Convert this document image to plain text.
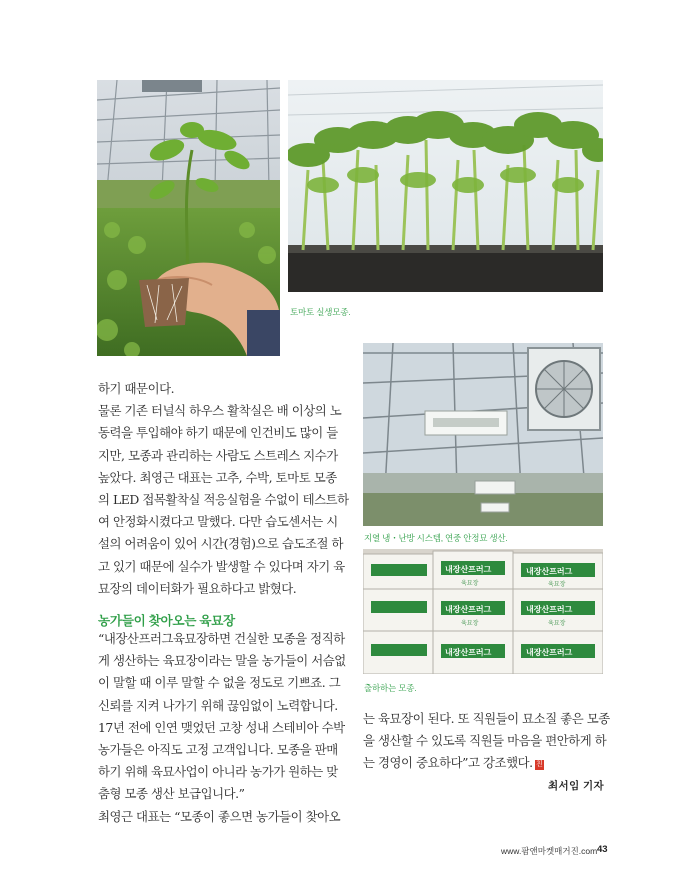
토마토 실생모종.
지열 냉・난방 시스템, 연중 안정묘 생산.
내장산프러그	내장산프러그
내장산프러그	내장산프러그
내장산프러그	내장산프러그
육묘장	육묘장
육묘장	육묘장
출하하는 모종.

하기 때문이다.

물론 기존 터널식 하우스 활착실은 배 이상의 노

동력을 투입해야 하기 때문에 인건비도 많이 들

지만, 모종과 관리하는 사람도 스트레스 지수가

높았다. 최영근 대표는 고추, 수박, 토마토 모종

의 LED 접목활착실 적응실험을 수없이 테스트하

여 안정화시켰다고 말했다. 다만 습도센서는 시

설의 어려움이 있어 시간(경험)으로 습도조절 하

고 있기 때문에 실수가 발생할 수 있다며 자기 육

묘장의 데이터화가 필요하다고 밝혔다.

농가들이 찾아오는 육묘장

“내장산프러그육묘장하면 건실한 모종을 정직하

게 생산하는 육묘장이라는 말을 농가들이 서슴없

이 말할 때 이루 말할 수 없을 정도로 기쁘죠. 그

신뢰를 지켜 나가기 위해 끊임없이 노력합니다.

17년 전에 인연 맺었던 고창 성내 스테비아 수박

농가들은 아직도 고정 고객입니다. 모종을 판매

하기 위해 육묘사업이 아니라 농가가 원하는 맞

춤형 모종 생산 보급입니다.”

최영근 대표는 “모종이 좋으면 농가들이 찾아오

는 육묘장이 된다. 또 직원들이 묘소질 좋은 모종

을 생산할 수 있도록 직원들 마음을 편안하게 하

는 경영이 중요하다”고 강조했다. 친

최서임 기자
www.팜앤마켓매거진.com 43
